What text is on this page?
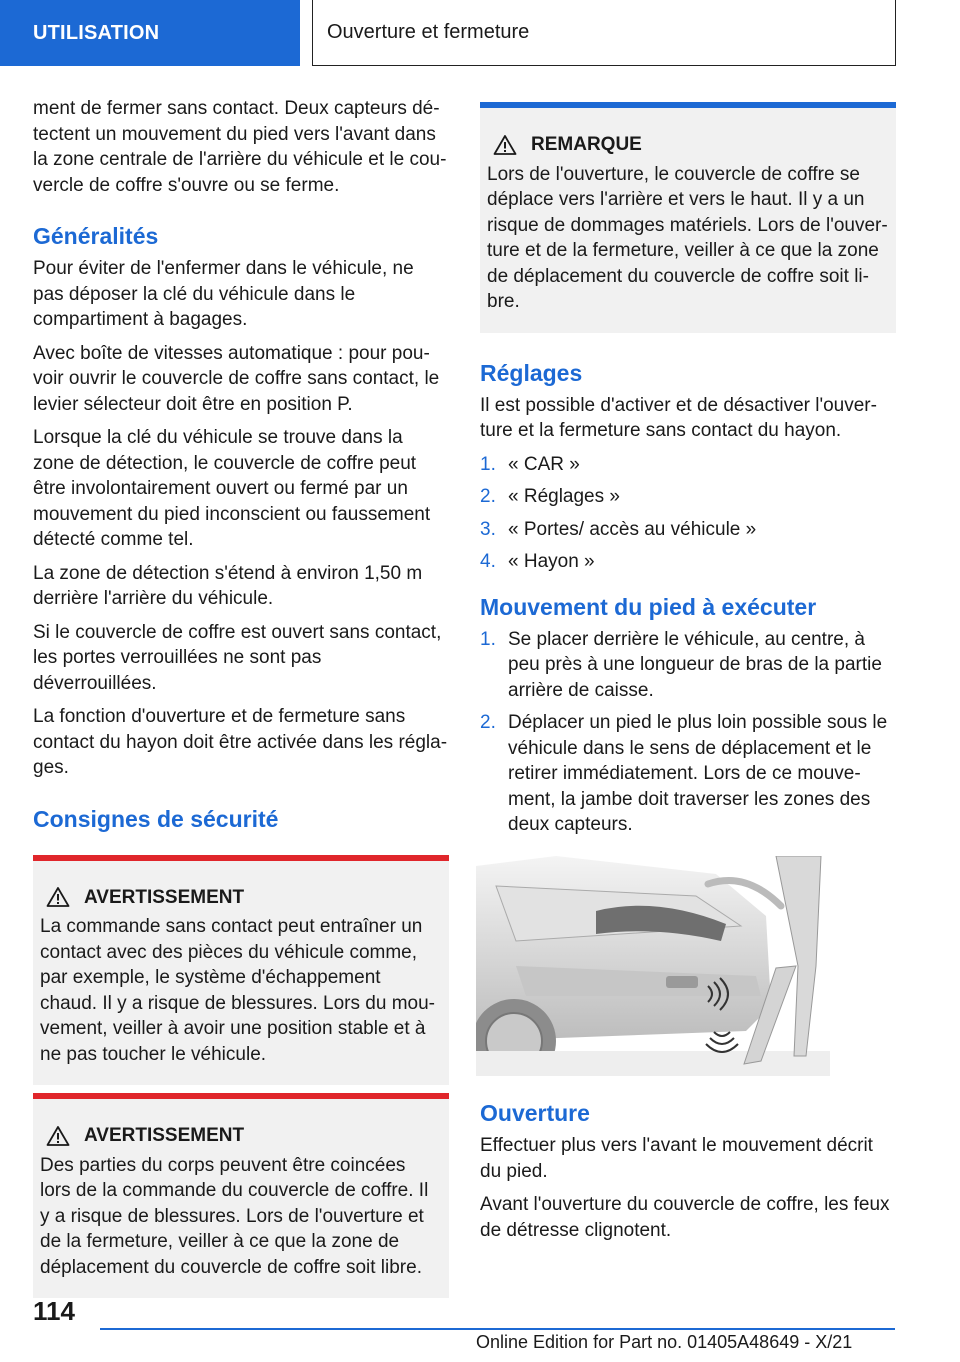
UTILISATION	Ouverture et fermeture

ment de fermer sans contact. Deux capteurs détectent un mouvement du pied vers l'avant dans la zone centrale de l'arrière du véhicule et le couvercle de coffre s'ouvre ou se ferme.

Généralités

Pour éviter de l'enfermer dans le véhicule, ne pas déposer la clé du véhicule dans le compartiment à bagages.

Avec boîte de vitesses automatique : pour pouvoir ouvrir le couvercle de coffre sans contact, le levier sélecteur doit être en position P.

Lorsque la clé du véhicule se trouve dans la zone de détection, le couvercle de coffre peut être involontairement ouvert ou fermé par un mouvement du pied inconscient ou faussement détecté comme tel.

La zone de détection s'étend à environ 1,50 m derrière l'arrière du véhicule.

Si le couvercle de coffre est ouvert sans contact, les portes verrouillées ne sont pas déverrouillées.

La fonction d'ouverture et de fermeture sans contact du hayon doit être activée dans les réglages.

Consignes de sécurité
AVERTISSEMENT

La commande sans contact peut entraîner un contact avec des pièces du véhicule comme, par exemple, le système d'échappement chaud. Il y a risque de blessures. Lors du mouvement, veiller à avoir une position stable et à ne pas toucher le véhicule.

AVERTISSEMENT

Des parties du corps peuvent être coincées lors de la commande du couvercle de coffre. Il y a risque de blessures. Lors de l'ouverture et de la fermeture, veiller à ce que la zone de déplacement du couvercle de coffre soit libre.

REMARQUE

Lors de l'ouverture, le couvercle de coffre se déplace vers l'arrière et vers le haut. Il y a un risque de dommages matériels. Lors de l'ouverture et de la fermeture, veiller à ce que la zone de déplacement du couvercle de coffre soit libre.

Réglages

Il est possible d'activer et de désactiver l'ouverture et la fermeture sans contact du hayon.

1. « CAR »
2. « Réglages »
3. « Portes/ accès au véhicule »
4. « Hayon »
Mouvement du pied à exécuter
1. Se placer derrière le véhicule, au centre, à peu près à une longueur de bras de la partie arrière de caisse.
2. Déplacer un pied le plus loin possible sous le véhicule dans le sens de déplacement et le retirer immédiatement. Lors de ce mouvement, la jambe doit traverser les zones des deux capteurs.
Ouverture

Effectuer plus vers l'avant le mouvement décrit du pied.

Avant l'ouverture du couvercle de coffre, les feux de détresse clignotent.

114
Online Edition for Part no. 01405A48649 - X/21
